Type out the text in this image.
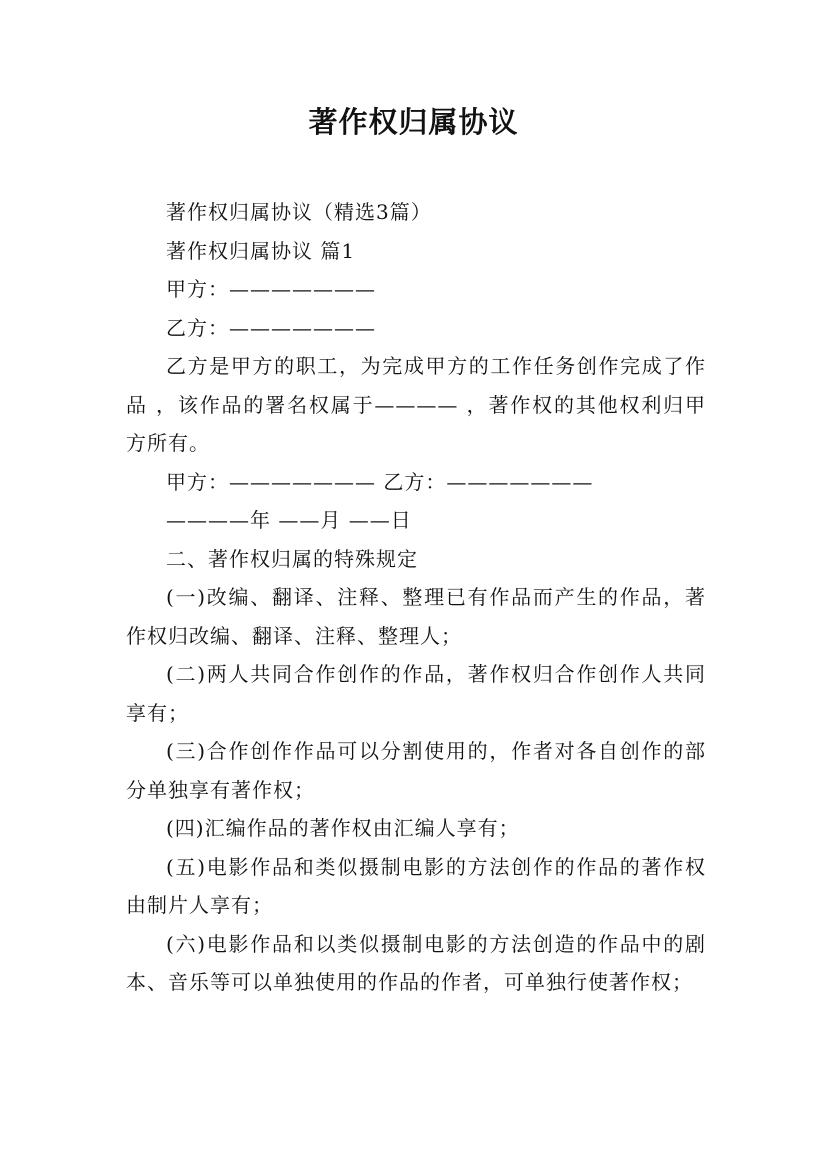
著作权归属协议

著作权归属协议（精选3篇）

著作权归属协议 篇1

甲方：———————

乙方：———————

乙方是甲方的职工，为完成甲方的工作任务创作完成了作品 ，该作品的署名权属于———— ，著作权的其他权利归甲方所有。

甲方：——————— 乙方：———————

————年 ——月 ——日

二、著作权归属的特殊规定

(一)改编、翻译、注释、整理已有作品而产生的作品，著作权归改编、翻译、注释、整理人；

(二)两人共同合作创作的作品，著作权归合作创作人共同享有；

(三)合作创作作品可以分割使用的，作者对各自创作的部分单独享有著作权；

(四)汇编作品的著作权由汇编人享有；

(五)电影作品和类似摄制电影的方法创作的作品的著作权由制片人享有；

(六)电影作品和以类似摄制电影的方法创造的作品中的剧本、音乐等可以单独使用的作品的作者，可单独行使著作权；
